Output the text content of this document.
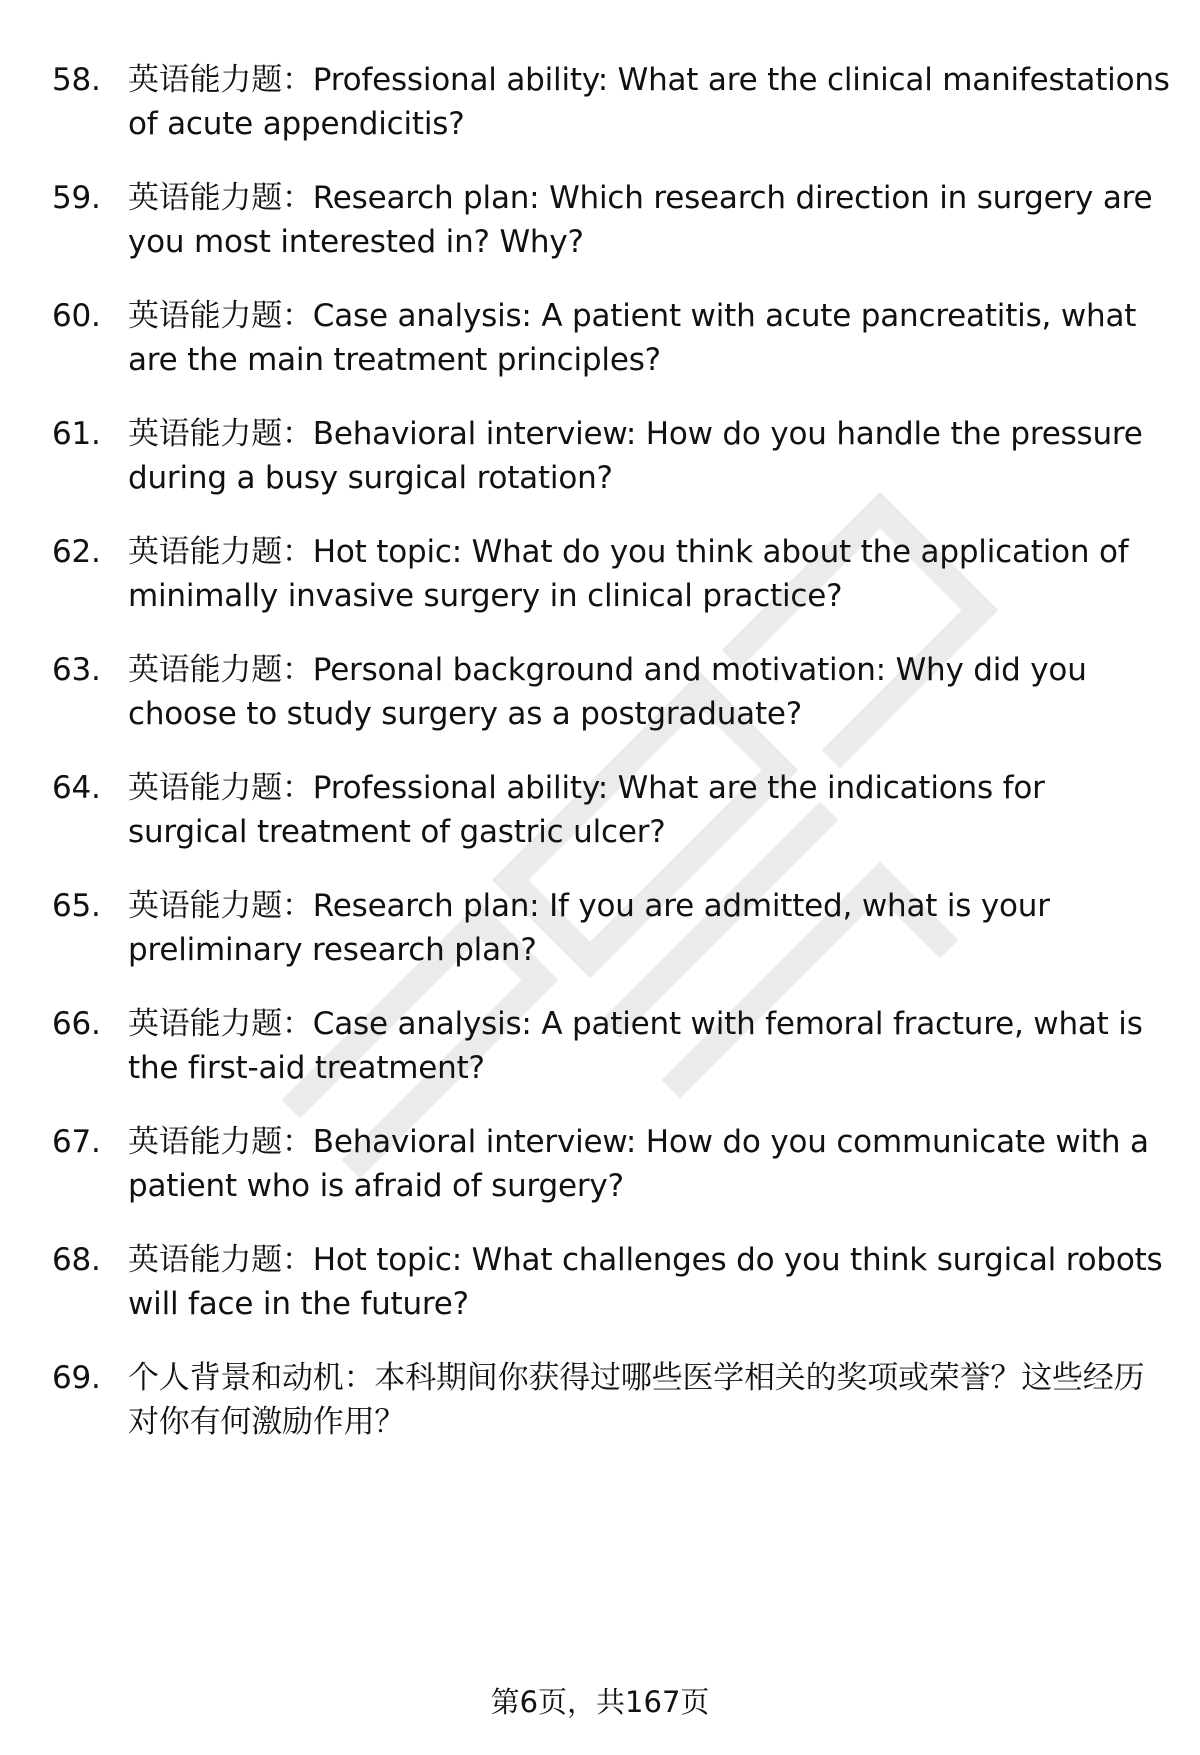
58. 英语能力题：Professional ability: What are the clinical manifestations of acute appendicitis?
59. 英语能力题：Research plan: Which research direction in surgery are you most interested in? Why?
60. 英语能力题：Case analysis: A patient with acute pancreatitis, what are the main treatment principles?
61. 英语能力题：Behavioral interview: How do you handle the pressure during a busy surgical rotation?
62. 英语能力题：Hot topic: What do you think about the application of minimally invasive surgery in clinical practice?
63. 英语能力题：Personal background and motivation: Why did you choose to study surgery as a postgraduate?
64. 英语能力题：Professional ability: What are the indications for surgical treatment of gastric ulcer?
65. 英语能力题：Research plan: If you are admitted, what is your preliminary research plan?
66. 英语能力题：Case analysis: A patient with femoral fracture, what is the first-aid treatment?
67. 英语能力题：Behavioral interview: How do you communicate with a patient who is afraid of surgery?
68. 英语能力题：Hot topic: What challenges do you think surgical robots will face in the future?
69. 个人背景和动机：本科期间你获得过哪些医学相关的奖项或荣誉？这些经历对你有何激励作用？
第6页，共167页
